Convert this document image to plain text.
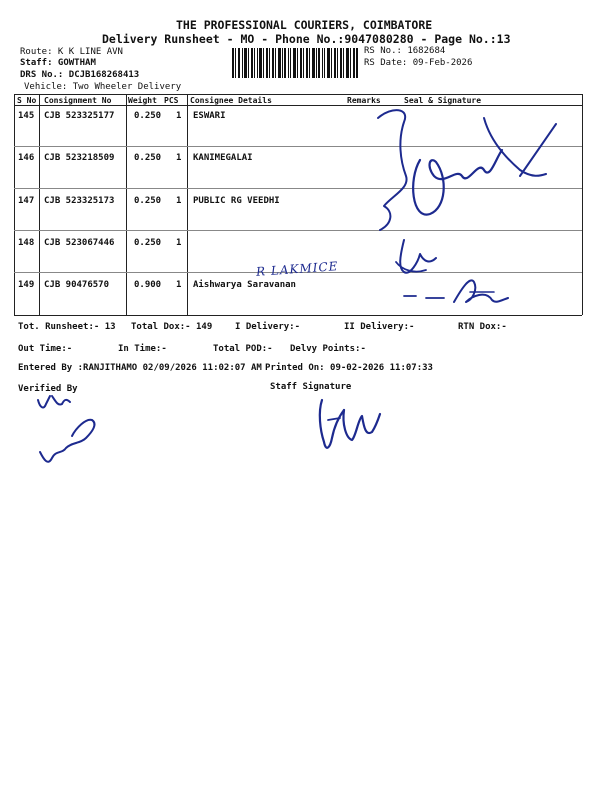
THE PROFESSIONAL COURIERS, COIMBATORE
Delivery Runsheet - MO - Phone No.:9047080280 - Page No.:13
Route: K K LINE AVN
Staff: GOWTHAM
DRS No.: DCJB168268413
Vehicle: Two Wheeler Delivery
RS No.: 1682684
RS Date: 09-Feb-2026
S No Consignment No Weight PCS Consignee Details	Remarks	Seal & Signature
145 CJB 523325177 0.250 1 ESWARI
146 CJB 523218509 0.250 1 KANIMEGALAI
147 CJB 523325173 0.250 1 PUBLIC RG VEEDHI
148 CJB 523067446 0.250 1
149 CJB 90476570	0.900 1 Aishwarya Saravanan
R LAKMICE
Tot. Runsheet:- 13 Total Dox:- 149	I Delivery:-	II Delivery:-	RTN Dox:-
Out Time:-	In Time:-	Total POD:- Delvy Points:-
Entered By :RANJITHAMO 02/09/2026 11:02:07 AM Printed On: 09-02-2026 11:07:33
Verified By	Staff Signature
